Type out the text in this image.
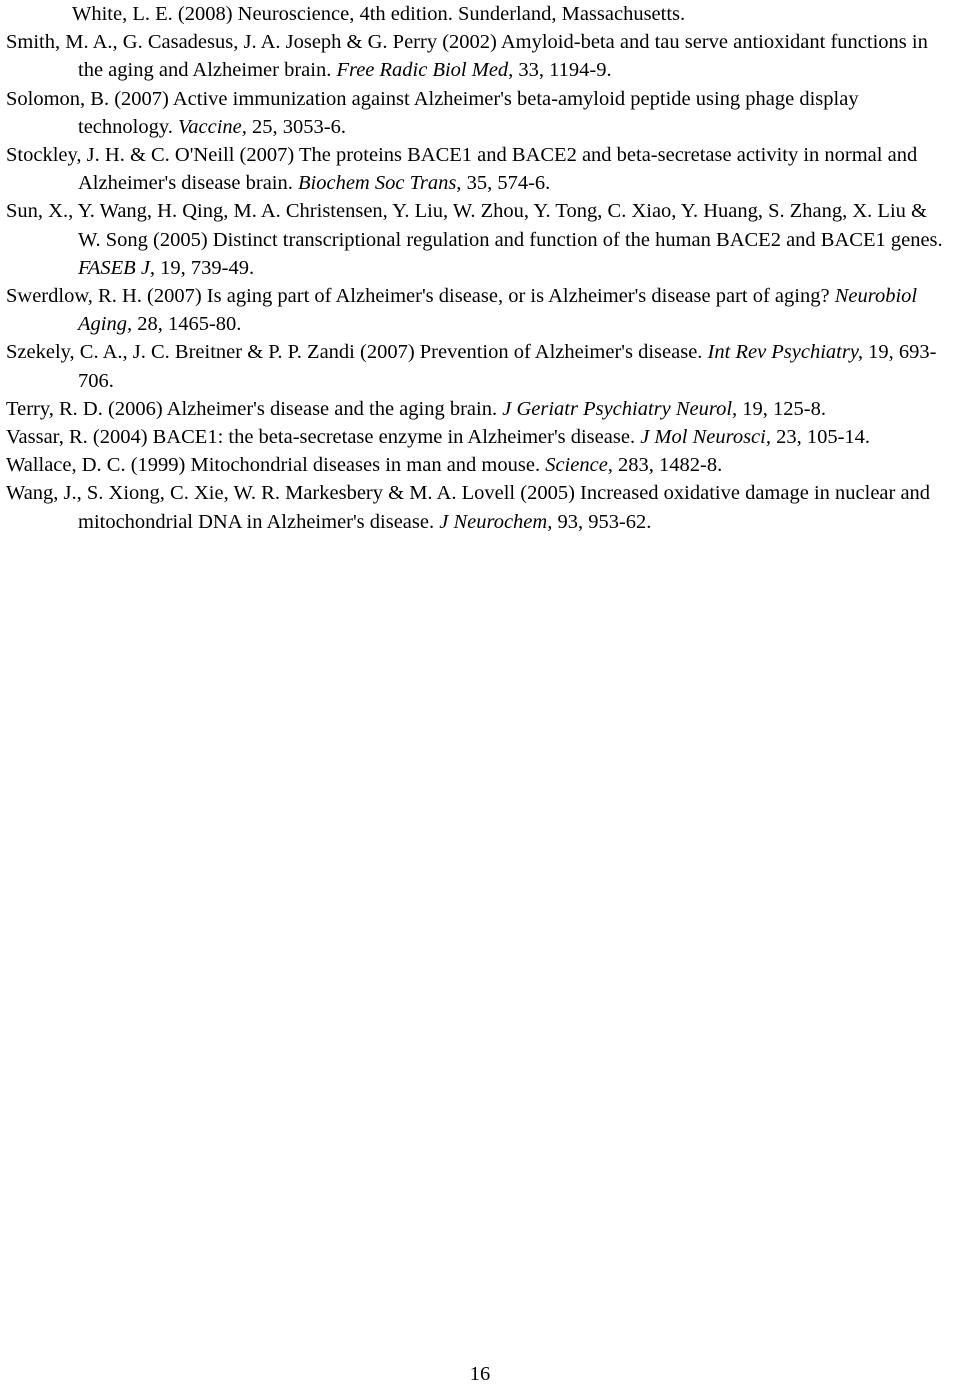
White, L. E. (2008) Neuroscience, 4th edition. Sunderland, Massachusetts.

Smith, M. A., G. Casadesus, J. A. Joseph & G. Perry (2002) Amyloid-beta and tau serve antioxidant functions in the aging and Alzheimer brain. Free Radic Biol Med, 33, 1194-9.

Solomon, B. (2007) Active immunization against Alzheimer's beta-amyloid peptide using phage display technology. Vaccine, 25, 3053-6.

Stockley, J. H. & C. O'Neill (2007) The proteins BACE1 and BACE2 and beta-secretase activity in normal and Alzheimer's disease brain. Biochem Soc Trans, 35, 574-6.

Sun, X., Y. Wang, H. Qing, M. A. Christensen, Y. Liu, W. Zhou, Y. Tong, C. Xiao, Y. Huang, S. Zhang, X. Liu & W. Song (2005) Distinct transcriptional regulation and function of the human BACE2 and BACE1 genes. FASEB J, 19, 739-49.

Swerdlow, R. H. (2007) Is aging part of Alzheimer's disease, or is Alzheimer's disease part of aging? Neurobiol Aging, 28, 1465-80.

Szekely, C. A., J. C. Breitner & P. P. Zandi (2007) Prevention of Alzheimer's disease. Int Rev Psychiatry, 19, 693-706.

Terry, R. D. (2006) Alzheimer's disease and the aging brain. J Geriatr Psychiatry Neurol, 19, 125-8.

Vassar, R. (2004) BACE1: the beta-secretase enzyme in Alzheimer's disease. J Mol Neurosci, 23, 105-14.

Wallace, D. C. (1999) Mitochondrial diseases in man and mouse. Science, 283, 1482-8.

Wang, J., S. Xiong, C. Xie, W. R. Markesbery & M. A. Lovell (2005) Increased oxidative damage in nuclear and mitochondrial DNA in Alzheimer's disease. J Neurochem, 93, 953-62.

16
